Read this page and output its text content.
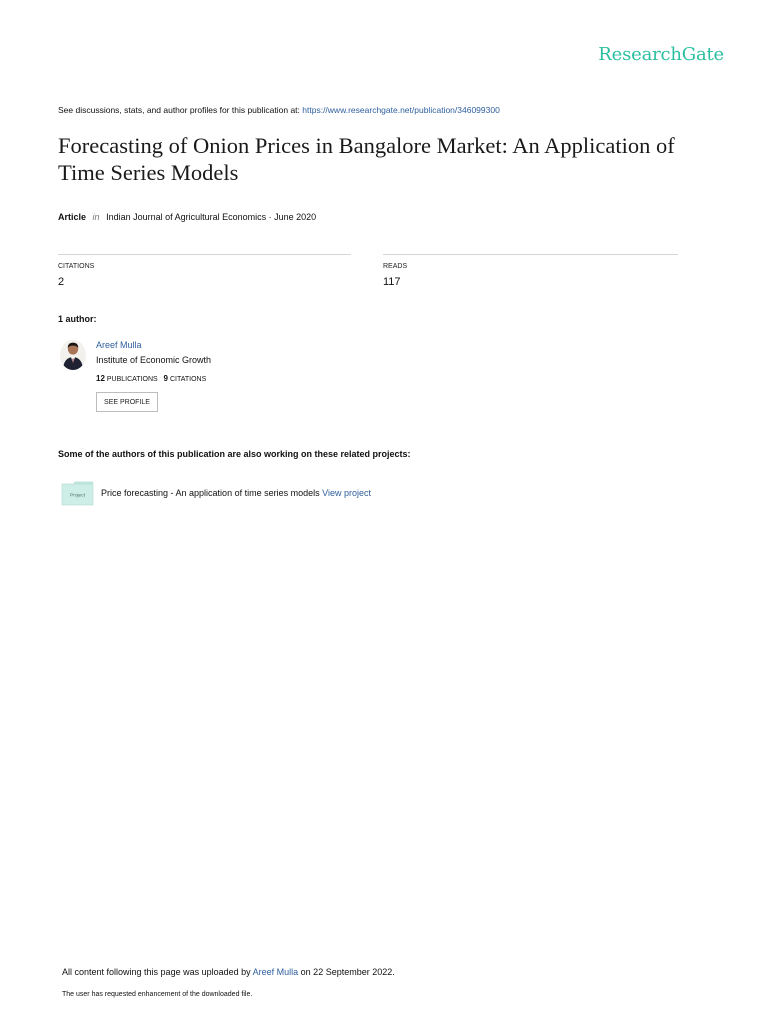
ResearchGate
See discussions, stats, and author profiles for this publication at: https://www.researchgate.net/publication/346099300
Forecasting of Onion Prices in Bangalore Market: An Application of Time Series Models
Article in Indian Journal of Agricultural Economics · June 2020
CITATIONS
2
READS
117
1 author:
Areef Mulla
Institute of Economic Growth
12 PUBLICATIONS 9 CITATIONS
SEE PROFILE
Some of the authors of this publication are also working on these related projects:
Project Price forecasting - An application of time series models View project
All content following this page was uploaded by Areef Mulla on 22 September 2022.
The user has requested enhancement of the downloaded file.
